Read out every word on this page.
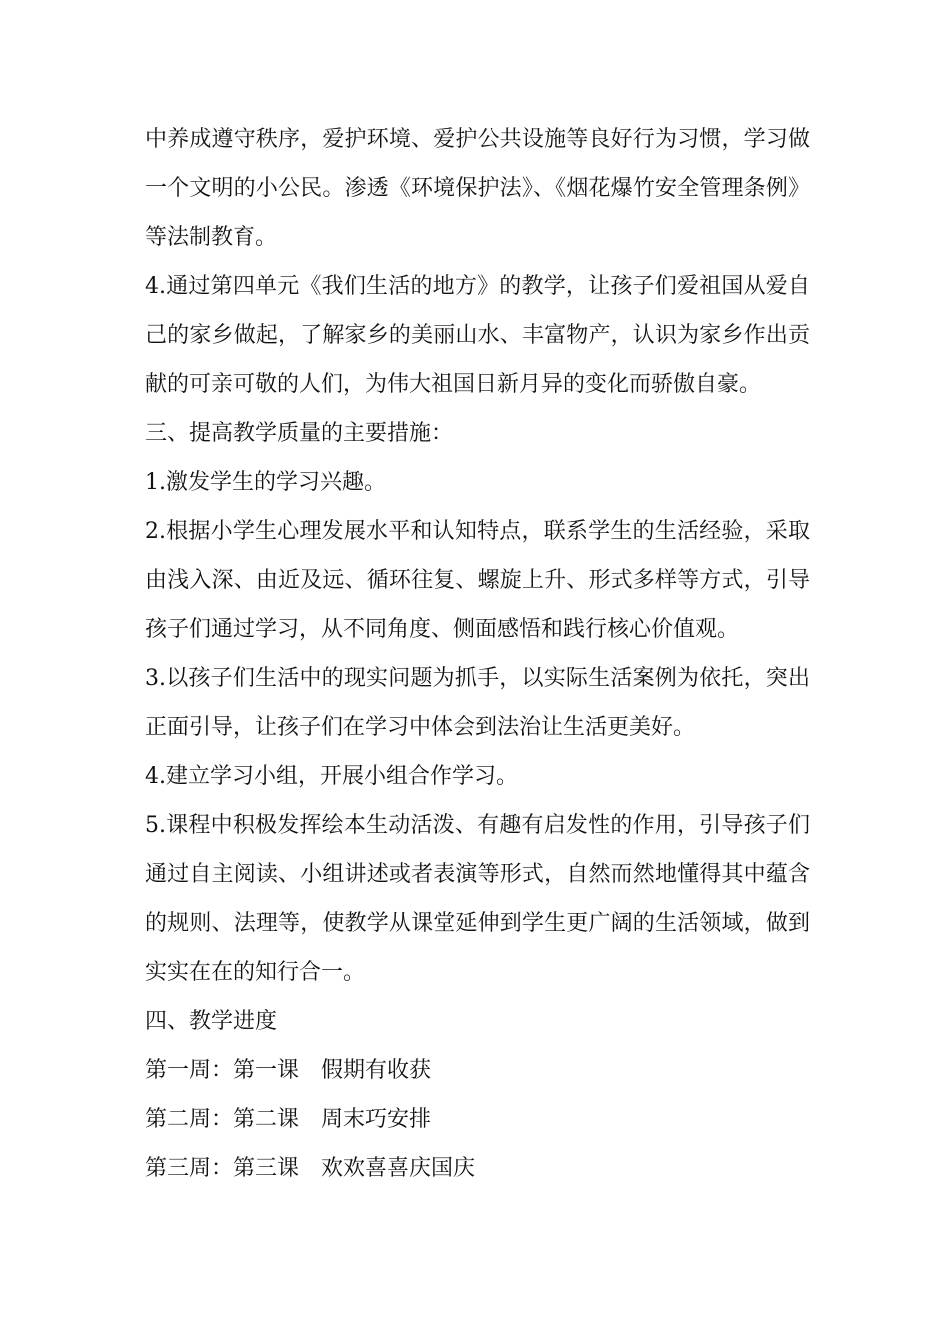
中养成遵守秩序，爱护环境、爱护公共设施等良好行为习惯，学习做
一个文明的小公民。渗透《环境保护法》、《烟花爆竹安全管理条例》
等法制教育。
4.通过第四单元《我们生活的地方》的教学，让孩子们爱祖国从爱自
己的家乡做起，了解家乡的美丽山水、丰富物产，认识为家乡作出贡
献的可亲可敬的人们，为伟大祖国日新月异的变化而骄傲自豪。
三、提高教学质量的主要措施：
1.激发学生的学习兴趣。
2.根据小学生心理发展水平和认知特点，联系学生的生活经验，采取
由浅入深、由近及远、循环往复、螺旋上升、形式多样等方式，引导
孩子们通过学习，从不同角度、侧面感悟和践行核心价值观。
3.以孩子们生活中的现实问题为抓手，以实际生活案例为依托，突出
正面引导，让孩子们在学习中体会到法治让生活更美好。
4.建立学习小组，开展小组合作学习。
5.课程中积极发挥绘本生动活泼、有趣有启发性的作用，引导孩子们
通过自主阅读、小组讲述或者表演等形式，自然而然地懂得其中蕴含
的规则、法理等，使教学从课堂延伸到学生更广阔的生活领域，做到
实实在在的知行合一。
四、教学进度
第一周：第一课　假期有收获
第二周：第二课　周末巧安排
第三周：第三课　欢欢喜喜庆国庆
